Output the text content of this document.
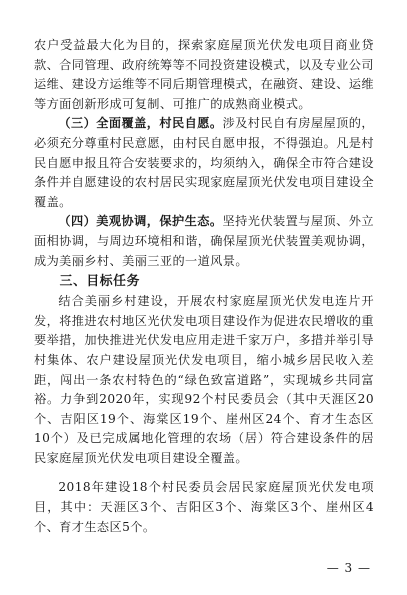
农户受益最大化为目的，探索家庭屋顶光伏发电项目商业贷款、合同管理、政府统筹等不同投资建设模式，以及专业公司运维、建设方运维等不同后期管理模式，在融资、建设、运维等方面创新形成可复制、可推广的成熟商业模式。

（三）全面覆盖，村民自愿。涉及村民自有房屋屋顶的，必须充分尊重村民意愿，由村民自愿申报，不得强迫。凡是村民自愿申报且符合安装要求的，均须纳入，确保全市符合建设条件并自愿建设的农村居民实现家庭屋顶光伏发电项目建设全覆盖。

（四）美观协调，保护生态。坚持光伏装置与屋顶、外立面相协调，与周边环境相和谐，确保屋顶光伏装置美观协调，成为美丽乡村、美丽三亚的一道风景。

三、目标任务

结合美丽乡村建设，开展农村家庭屋顶光伏发电连片开发，将推进农村地区光伏发电项目建设作为促进农民增收的重要举措，加快推进光伏发电应用走进千家万户，多措并举引导村集体、农户建设屋顶光伏发电项目，缩小城乡居民收入差距，闯出一条农村特色的“绿色致富道路”，实现城乡共同富裕。力争到2020年，实现92个村民委员会（其中天涯区20个、吉阳区19个、海棠区19个、崖州区24个、育才生态区10个）及已完成属地化管理的农场（居）符合建设条件的居民家庭屋顶光伏发电项目建设全覆盖。

2018年建设18个村民委员会居民家庭屋顶光伏发电项目，其中：天涯区3个、吉阳区3个、海棠区3个、崖州区4个、育才生态区5个。

— 3 —
